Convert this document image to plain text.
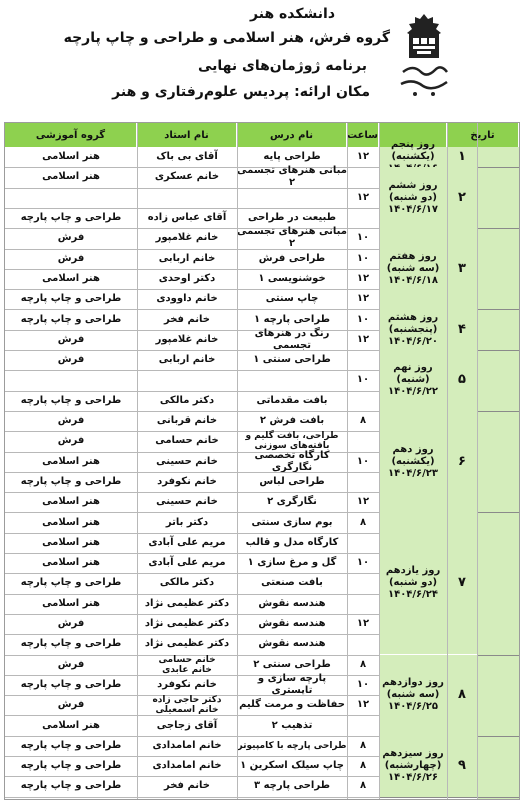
دانشکده هنر
گروه فرش، هنر اسلامی و طراحی و چاپ پارچه
برنامه ژوژمان‌های نهایی
مکان ارائه: پردیس علوم‌رفتاری و هنر
تاریخ
ساعت
نام درس
نام استاد
گروه آموزشی
۱

(یکشنبه)

۲
روز ششم
(دو شنبه)
۱۴۰۴/۶/۱۷
۳
روز هفتم
(سه شنبه)
۱۴۰۴/۶/۱۸
۴
روز هشتم
(پنجشنبه)
۱۴۰۴/۶/۲۰
۵
روز نهم
(شنبه)
۱۴۰۴/۶/۲۲
۶
روز دهم
(یکشنبه)
۱۴۰۴/۶/۲۳
۷
روز یازدهم
(دو شنبه)
۱۴۰۴/۶/۲۴
۸
روز دوازدهم
(سه شنبه)
۱۴۰۴/۶/۲۵
۹
روز سیزدهم
(چهارشنبه)
۱۴۰۴/۶/۲۶
۱۲
طراحی پایه
آقای بی باک
هنر اسلامی
مبانی هنرهای تجسمی ۲
خانم عسکری
هنر اسلامی
۱۲
طبیعت در طراحی
آقای عباس زاده
طراحی و چاپ پارچه
۱۰
مبانی هنرهای تجسمی ۲
خانم غلامپور
فرش
۱۰
طراحی فرش
خانم اربابی
فرش
۱۲
خوشنویسی ۱
دکتر اوحدی
هنر اسلامی
۱۲
چاپ سنتی
خانم داوودی
طراحی و چاپ پارچه
۱۰
طراحی پارچه ۱
خانم فخر
طراحی و چاپ پارچه
۱۲
رنگ در هنرهای تجسمی
خانم غلامپور
فرش
طراحی سنتی ۱
خانم اربابی
فرش
۱۰
بافت مقدماتی
دکتر مالکی
طراحی و چاپ پارچه
۸
بافت فرش ۲
خانم قربانی
فرش
طراحی، بافت گلیم و
بافته‌های سوزنی
خانم حسامی
فرش
۱۰
کارگاه تخصصی نگارگری
خانم حسینی
هنر اسلامی
طراحی لباس
خانم نکوفرد
طراحی و چاپ پارچه
۱۲
نگارگری ۲
خانم حسینی
هنر اسلامی
۸
بوم سازی سنتی
دکتر باتر
هنر اسلامی
کارگاه مدل و قالب
مریم علی آبادی
هنر اسلامی
۱۰
گل و مرغ سازی ۱
مریم علی آبادی
هنر اسلامی
بافت صنعتی
دکتر مالکی
طراحی و چاپ پارچه
هندسه نقوش
دکتر عظیمی نژاد
هنر اسلامی
۱۲
هندسه نقوش
دکتر عظیمی نژاد
فرش
هندسه نقوش
دکتر عظیمی نژاد
طراحی و چاپ پارچه
۸
طراحی سنتی ۲
خانم حسامی
خانم عابدی
فرش
۱۰
پارچه سازی و تاپستری
خانم نکوفرد
طراحی و چاپ پارچه
۱۲
حفاظت و مرمت گلیم
دکتر حاجی زاده
خانم اسمعیلی
فرش
تذهیب ۲
آقای زجاجی
هنر اسلامی
۸
طراحی پارچه با کامپیوتر
خانم امامدادی
طراحی و چاپ پارچه
۸
چاپ سیلک اسکرین ۱
خانم امامدادی
طراحی و چاپ پارچه
۸
طراحی پارچه ۳
خانم فخر
طراحی و چاپ پارچه
